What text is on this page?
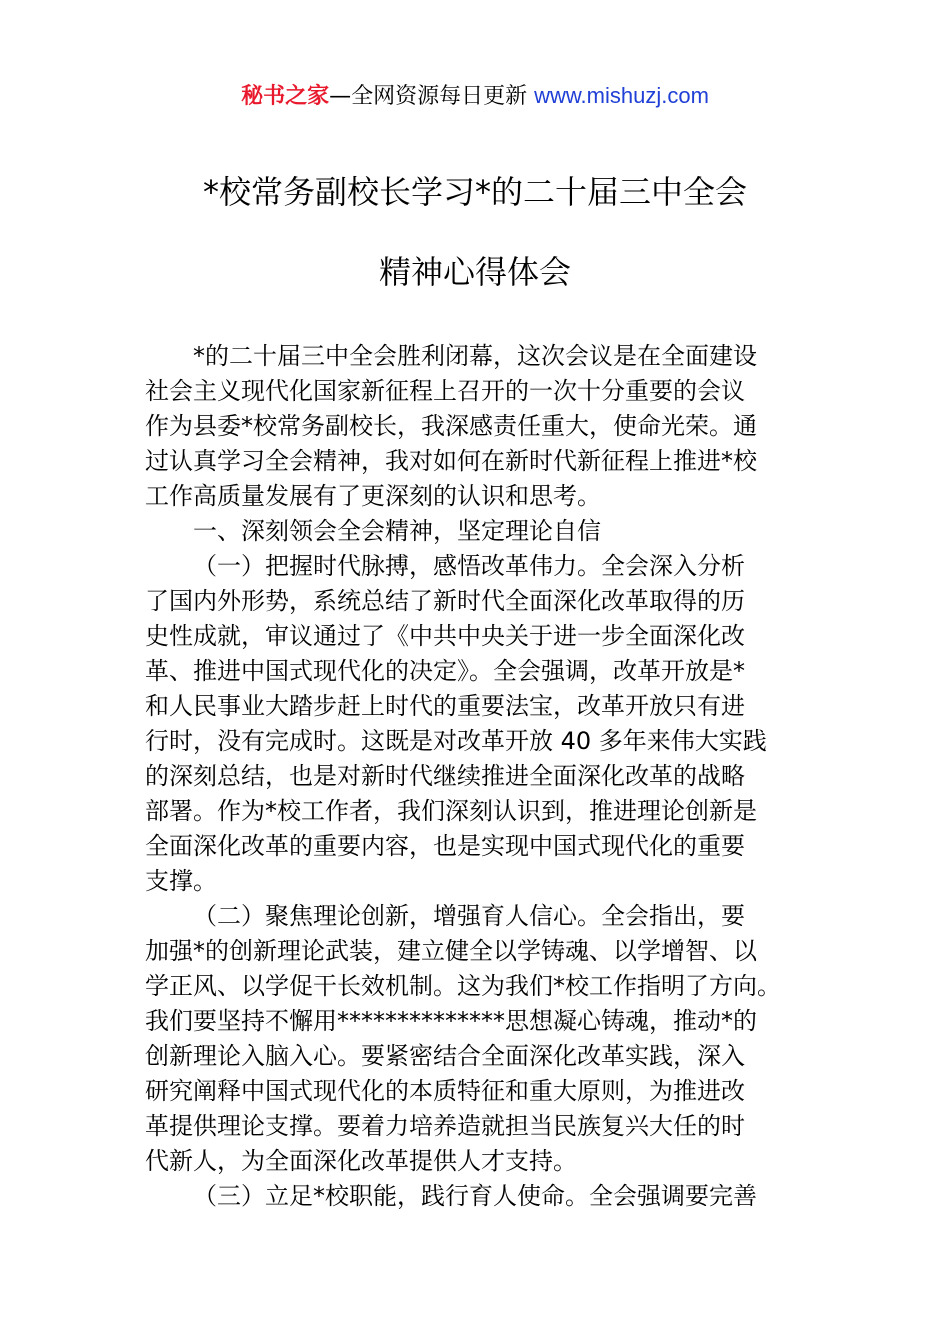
秘书之家—全网资源每日更新 www.mishuzj.com
*校常务副校长学习*的二十届三中全会
精神心得体会
*的二十届三中全会胜利闭幕，这次会议是在全面建设
社会主义现代化国家新征程上召开的一次十分重要的会议
作为县委*校常务副校长，我深感责任重大，使命光荣。通
过认真学习全会精神，我对如何在新时代新征程上推进*校
工作高质量发展有了更深刻的认识和思考。
一、深刻领会全会精神，坚定理论自信
（一）把握时代脉搏，感悟改革伟力。全会深入分析
了国内外形势，系统总结了新时代全面深化改革取得的历
史性成就，审议通过了《中共中央关于进一步全面深化改
革、推进中国式现代化的决定》。全会强调，改革开放是*
和人民事业大踏步赶上时代的重要法宝，改革开放只有进
行时，没有完成时。这既是对改革开放 40 多年来伟大实践
的深刻总结，也是对新时代继续推进全面深化改革的战略
部署。作为*校工作者，我们深刻认识到，推进理论创新是
全面深化改革的重要内容，也是实现中国式现代化的重要
支撑。
（二）聚焦理论创新，增强育人信心。全会指出，要
加强*的创新理论武装，建立健全以学铸魂、以学增智、以
学正风、以学促干长效机制。这为我们*校工作指明了方向。
我们要坚持不懈用**************思想凝心铸魂，推动*的
创新理论入脑入心。要紧密结合全面深化改革实践，深入
研究阐释中国式现代化的本质特征和重大原则，为推进改
革提供理论支撑。要着力培养造就担当民族复兴大任的时
代新人，为全面深化改革提供人才支持。
（三）立足*校职能，践行育人使命。全会强调要完善
